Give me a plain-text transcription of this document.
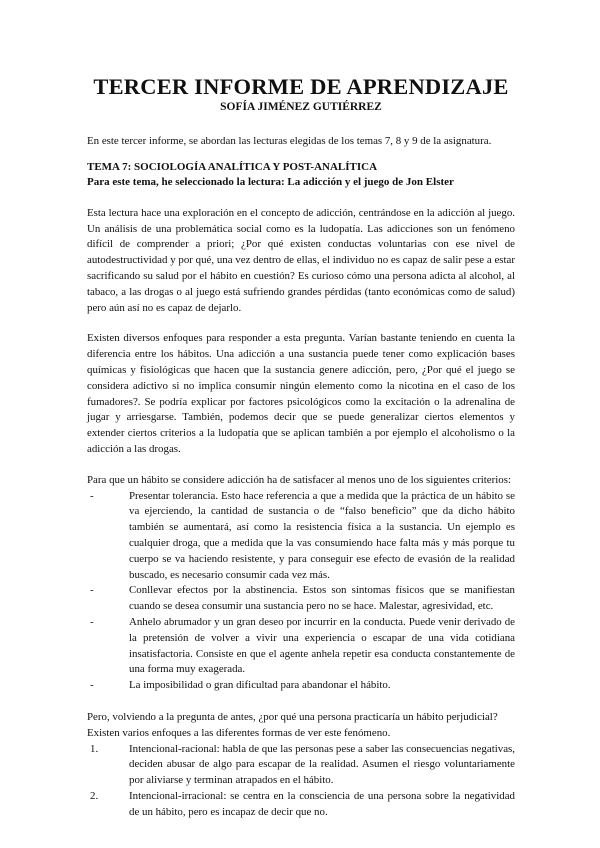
TERCER INFORME DE APRENDIZAJE
SOFÍA JIMÉNEZ GUTIÉRREZ

En este tercer informe, se abordan las lecturas elegidas de los temas 7, 8 y 9 de la asignatura.

TEMA 7: SOCIOLOGÍA ANALÍTICA Y POST-ANALÍTICA
Para este tema, he seleccionado la lectura: La adicción y el juego de Jon Elster

Esta lectura hace una exploración en el concepto de adicción, centrándose en la adicción al juego. Un análisis de una problemática social como es la ludopatía. Las adicciones son un fenómeno difícil de comprender a priori; ¿Por qué existen conductas voluntarias con ese nivel de autodestructividad y por qué, una vez dentro de ellas, el individuo no es capaz de salir pese a estar sacrificando su salud por el hábito en cuestión? Es curioso cómo una persona adicta al alcohol, al tabaco, a las drogas o al juego está sufriendo grandes pérdidas (tanto económicas como de salud) pero aún así no es capaz de dejarlo.

Existen diversos enfoques para responder a esta pregunta. Varían bastante teniendo en cuenta la diferencia entre los hábitos. Una adicción a una sustancia puede tener como explicación bases químicas y fisiológicas que hacen que la sustancia genere adicción, pero, ¿Por qué el juego se considera adictivo si no implica consumir ningún elemento como la nicotina en el caso de los fumadores?. Se podría explicar por factores psicológicos como la excitación o la adrenalina de jugar y arriesgarse. También, podemos decir que se puede generalizar ciertos elementos y extender ciertos criterios a la ludopatía que se aplican también a por ejemplo el alcoholismo o la adicción a las drogas.

Para que un hábito se considere adicción ha de satisfacer al menos uno de los siguientes criterios:

-	Presentar tolerancia. Esto hace referencia a que a medida que la práctica de un hábito se va ejerciendo, la cantidad de sustancia o de “falso beneficio” que da dicho hábito también se aumentará, así como la resistencia física a la sustancia. Un ejemplo es cualquier droga, que a medida que la vas consumiendo hace falta más y más porque tu cuerpo se va haciendo resistente, y para conseguir ese efecto de evasión de la realidad buscado, es necesario consumir cada vez más.
-	Conllevar efectos por la abstinencia. Estos son síntomas físicos que se manifiestan cuando se desea consumir una sustancia pero no se hace. Malestar, agresividad, etc.
-	Anhelo abrumador y un gran deseo por incurrir en la conducta. Puede venir derivado de la pretensión de volver a vivir una experiencia o escapar de una vida cotidiana insatisfactoria. Consiste en que el agente anhela repetir esa conducta constantemente de una forma muy exagerada.
-	La imposibilidad o gran dificultad para abandonar el hábito.

Pero, volviendo a la pregunta de antes, ¿por qué una persona practicaría un hábito perjudicial?

Existen varios enfoques a las diferentes formas de ver este fenómeno.

1.	Intencional-racional: habla de que las personas pese a saber las consecuencias negativas, deciden abusar de algo para escapar de la realidad. Asumen el riesgo voluntariamente por aliviarse y terminan atrapados en el hábito.
2.	Intencional-irracional: se centra en la consciencia de una persona sobre la negatividad de un hábito, pero es incapaz de decir que no.
